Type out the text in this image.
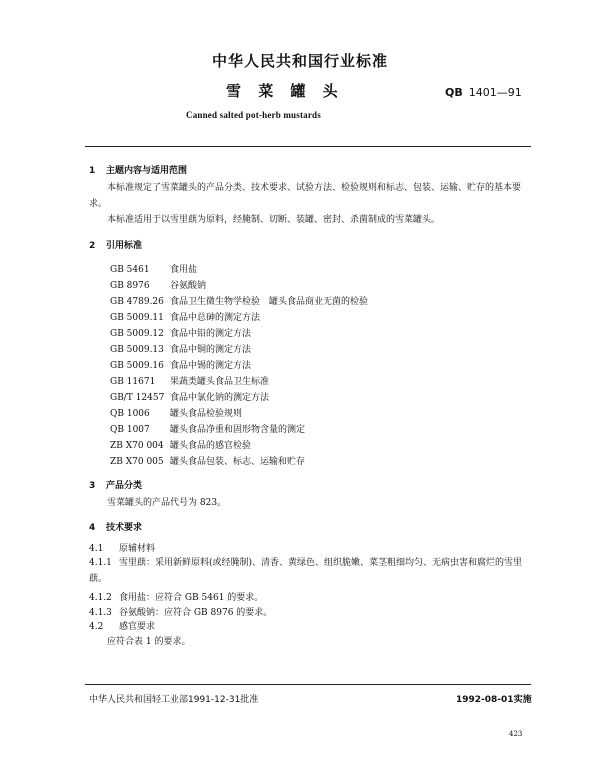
中华人民共和国行业标准
雪 菜 罐 头	QB 1401—91
Canned salted pot-herb mustards
1 主题内容与适用范围
本标准规定了雪菜罐头的产品分类、技术要求、试验方法、检验规则和标志、包装、运输、贮存的基本要求。
本标准适用于以雪里蕻为原料，经腌制、切断、装罐、密封、杀菌制成的雪菜罐头。
2 引用标准
GB 5461 食用盐
GB 8976 谷氨酸钠
GB 4789.26 食品卫生微生物学检验　罐头食品商业无菌的检验
GB 5009.11 食品中总砷的测定方法
GB 5009.12 食品中铅的测定方法
GB 5009.13 食品中铜的测定方法
GB 5009.16 食品中锡的测定方法
GB 11671 果蔬类罐头食品卫生标准
GB/T 12457 食品中氯化钠的测定方法
QB 1006 罐头食品检验规则
QB 1007 罐头食品净重和固形物含量的测定
ZB X70 004 罐头食品的感官检验
ZB X70 005 罐头食品包装、标志、运输和贮存
3 产品分类
雪菜罐头的产品代号为 823。
4 技术要求
4.1 原辅材料
4.1.1 雪里蕻：采用新鲜原料(或经腌制)、清香、黄绿色、组织脆嫩、菜茎粗细均匀、无病虫害和腐烂的雪里蕻。
4.1.2 食用盐：应符合 GB 5461 的要求。
4.1.3 谷氨酸钠：应符合 GB 8976 的要求。
4.2 感官要求
应符合表 1 的要求。
中华人民共和国轻工业部1991-12-31批准	1992-08-01实施
423
